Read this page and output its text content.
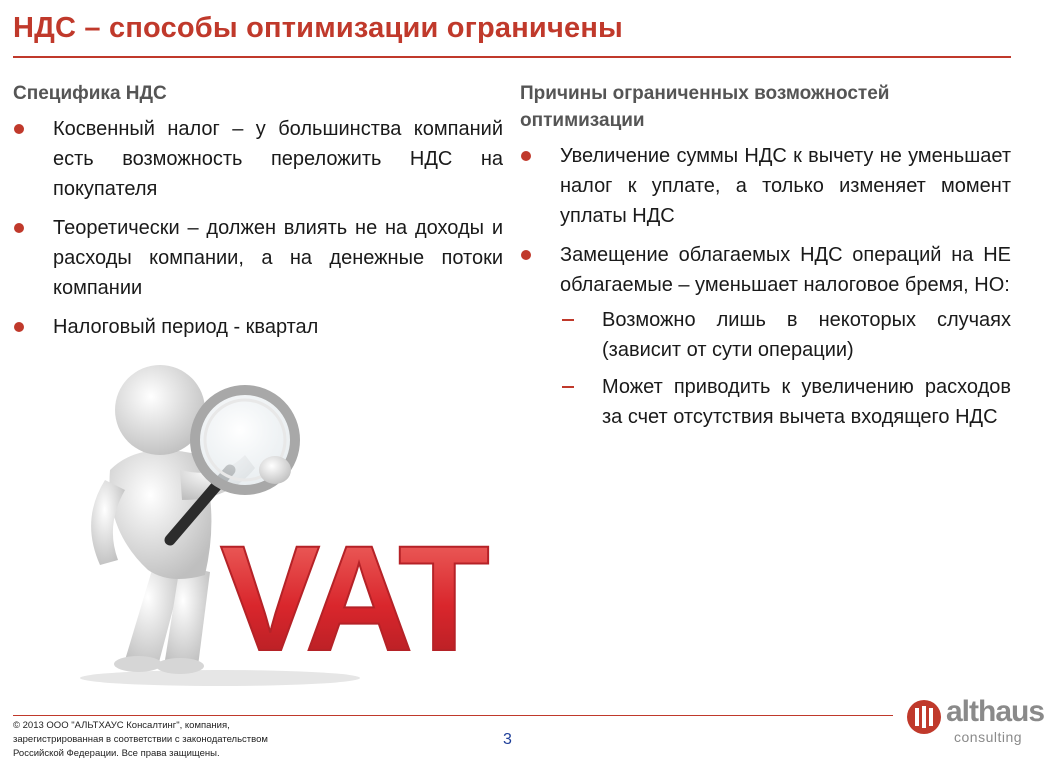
НДС – способы оптимизации ограничены
Специфика НДС
Косвенный налог – у большинства компаний есть возможность переложить НДС на покупателя
Теоретически – должен влиять не на доходы и расходы компании, а на денежные потоки компании
Налоговый период - квартал
Причины ограниченных возможностей оптимизации
Увеличение суммы НДС к вычету не уменьшает налог к уплате, а только изменяет момент уплаты НДС
Замещение облагаемых НДС операций на НЕ облагаемые – уменьшает налоговое бремя, НО:
Возможно лишь в некоторых случаях (зависит от сути операции)
Может приводить к увеличению расходов за счет отсутствия вычета входящего НДС
VAT
© 2013 ООО "АЛЬТХАУС Консалтинг", компания,
зарегистрированная в соответствии с законодательством
Российской Федерации. Все права защищены.
3
althaus
consulting
